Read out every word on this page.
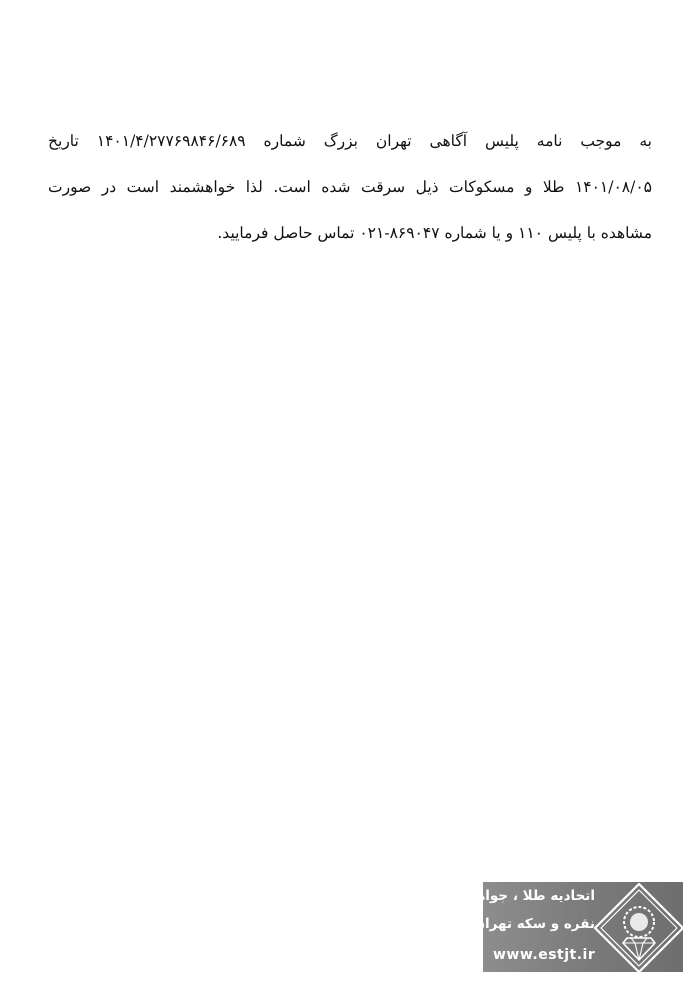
به موجب نامه پلیس آگاهی تهران بزرگ شماره ۱۴۰۱/۴/۲۷۷۶۹۸۴۶/۶۸۹ تاریخ
۱۴۰۱/۰۸/۰۵ طلا و مسکوکات ذیل سرقت شده است. لذا خواهشمند است در صورت
مشاهده با پلیس ۱۱۰ و یا شماره ۸۶۹۰۴۷-۰۲۱ تماس حاصل فرمایید.
اتحادیه طلا ، جواهر
نقره و سکه تهران
www.estjt.ir
